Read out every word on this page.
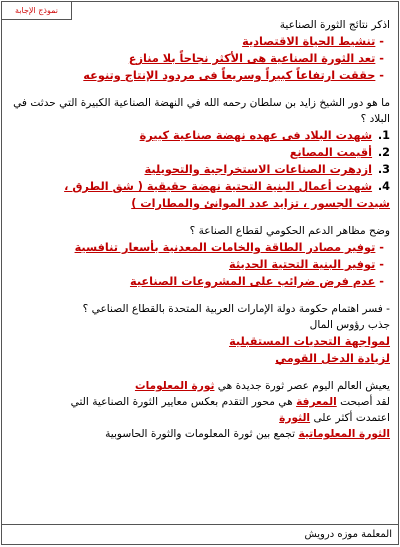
نموذج الإجابة
اذكر نتائج الثورة الصناعية
- تنشيط الحياة الاقتصادية
- تعد الثورة الصناعية هى الأكثر نجاحاً بلا منازع
- حققت ارتفاعاً كبيراً وسريعاً فى مردود الإنتاج وتنوعه
ما هو دور الشيخ زايد بن سلطان رحمه الله في النهضة الصناعية الكبيرة التي حدثت في البلاد ؟
1. شهدت البلاد فى عهده نهضة صناعية كبيرة
2. أقيمت المصانع
3. ازدهرت الصناعات الاستخراجية والتحويلية
4. شهدت أعمال البنية التحتية نهضة حقيقية ( شق الطرق ، شيدت الجسور ، تزايد عدد الموانئ والمطارات )
وضح مظاهر الدعم الحكومي لقطاع الصناعة ؟
- توفير مصادر الطاقة والخامات المعدنية بأسعار تنافسية
- توفير البنية التحتية الحديثة
- عدم فرض ضرائب على المشروعات الصناعية
- فسر اهتمام حكومة دولة الإمارات العربية المتحدة بالقطاع الصناعي ؟
جذب رؤوس المال
لمواجهة التحديات المستقبلية
لزيادة الدخل القومي
يعيش العالم اليوم عصر ثورة جديدة هي ثورة المعلومات
لقد أصبحت المعرفة هي محور التقدم بعكس معايير الثورة الصناعية التي
اعتمدت أكثر على الثورة
الثورة المعلوماتية تجمع بين ثورة المعلومات والثورة الحاسوبية
المعلمة موزه درويش
